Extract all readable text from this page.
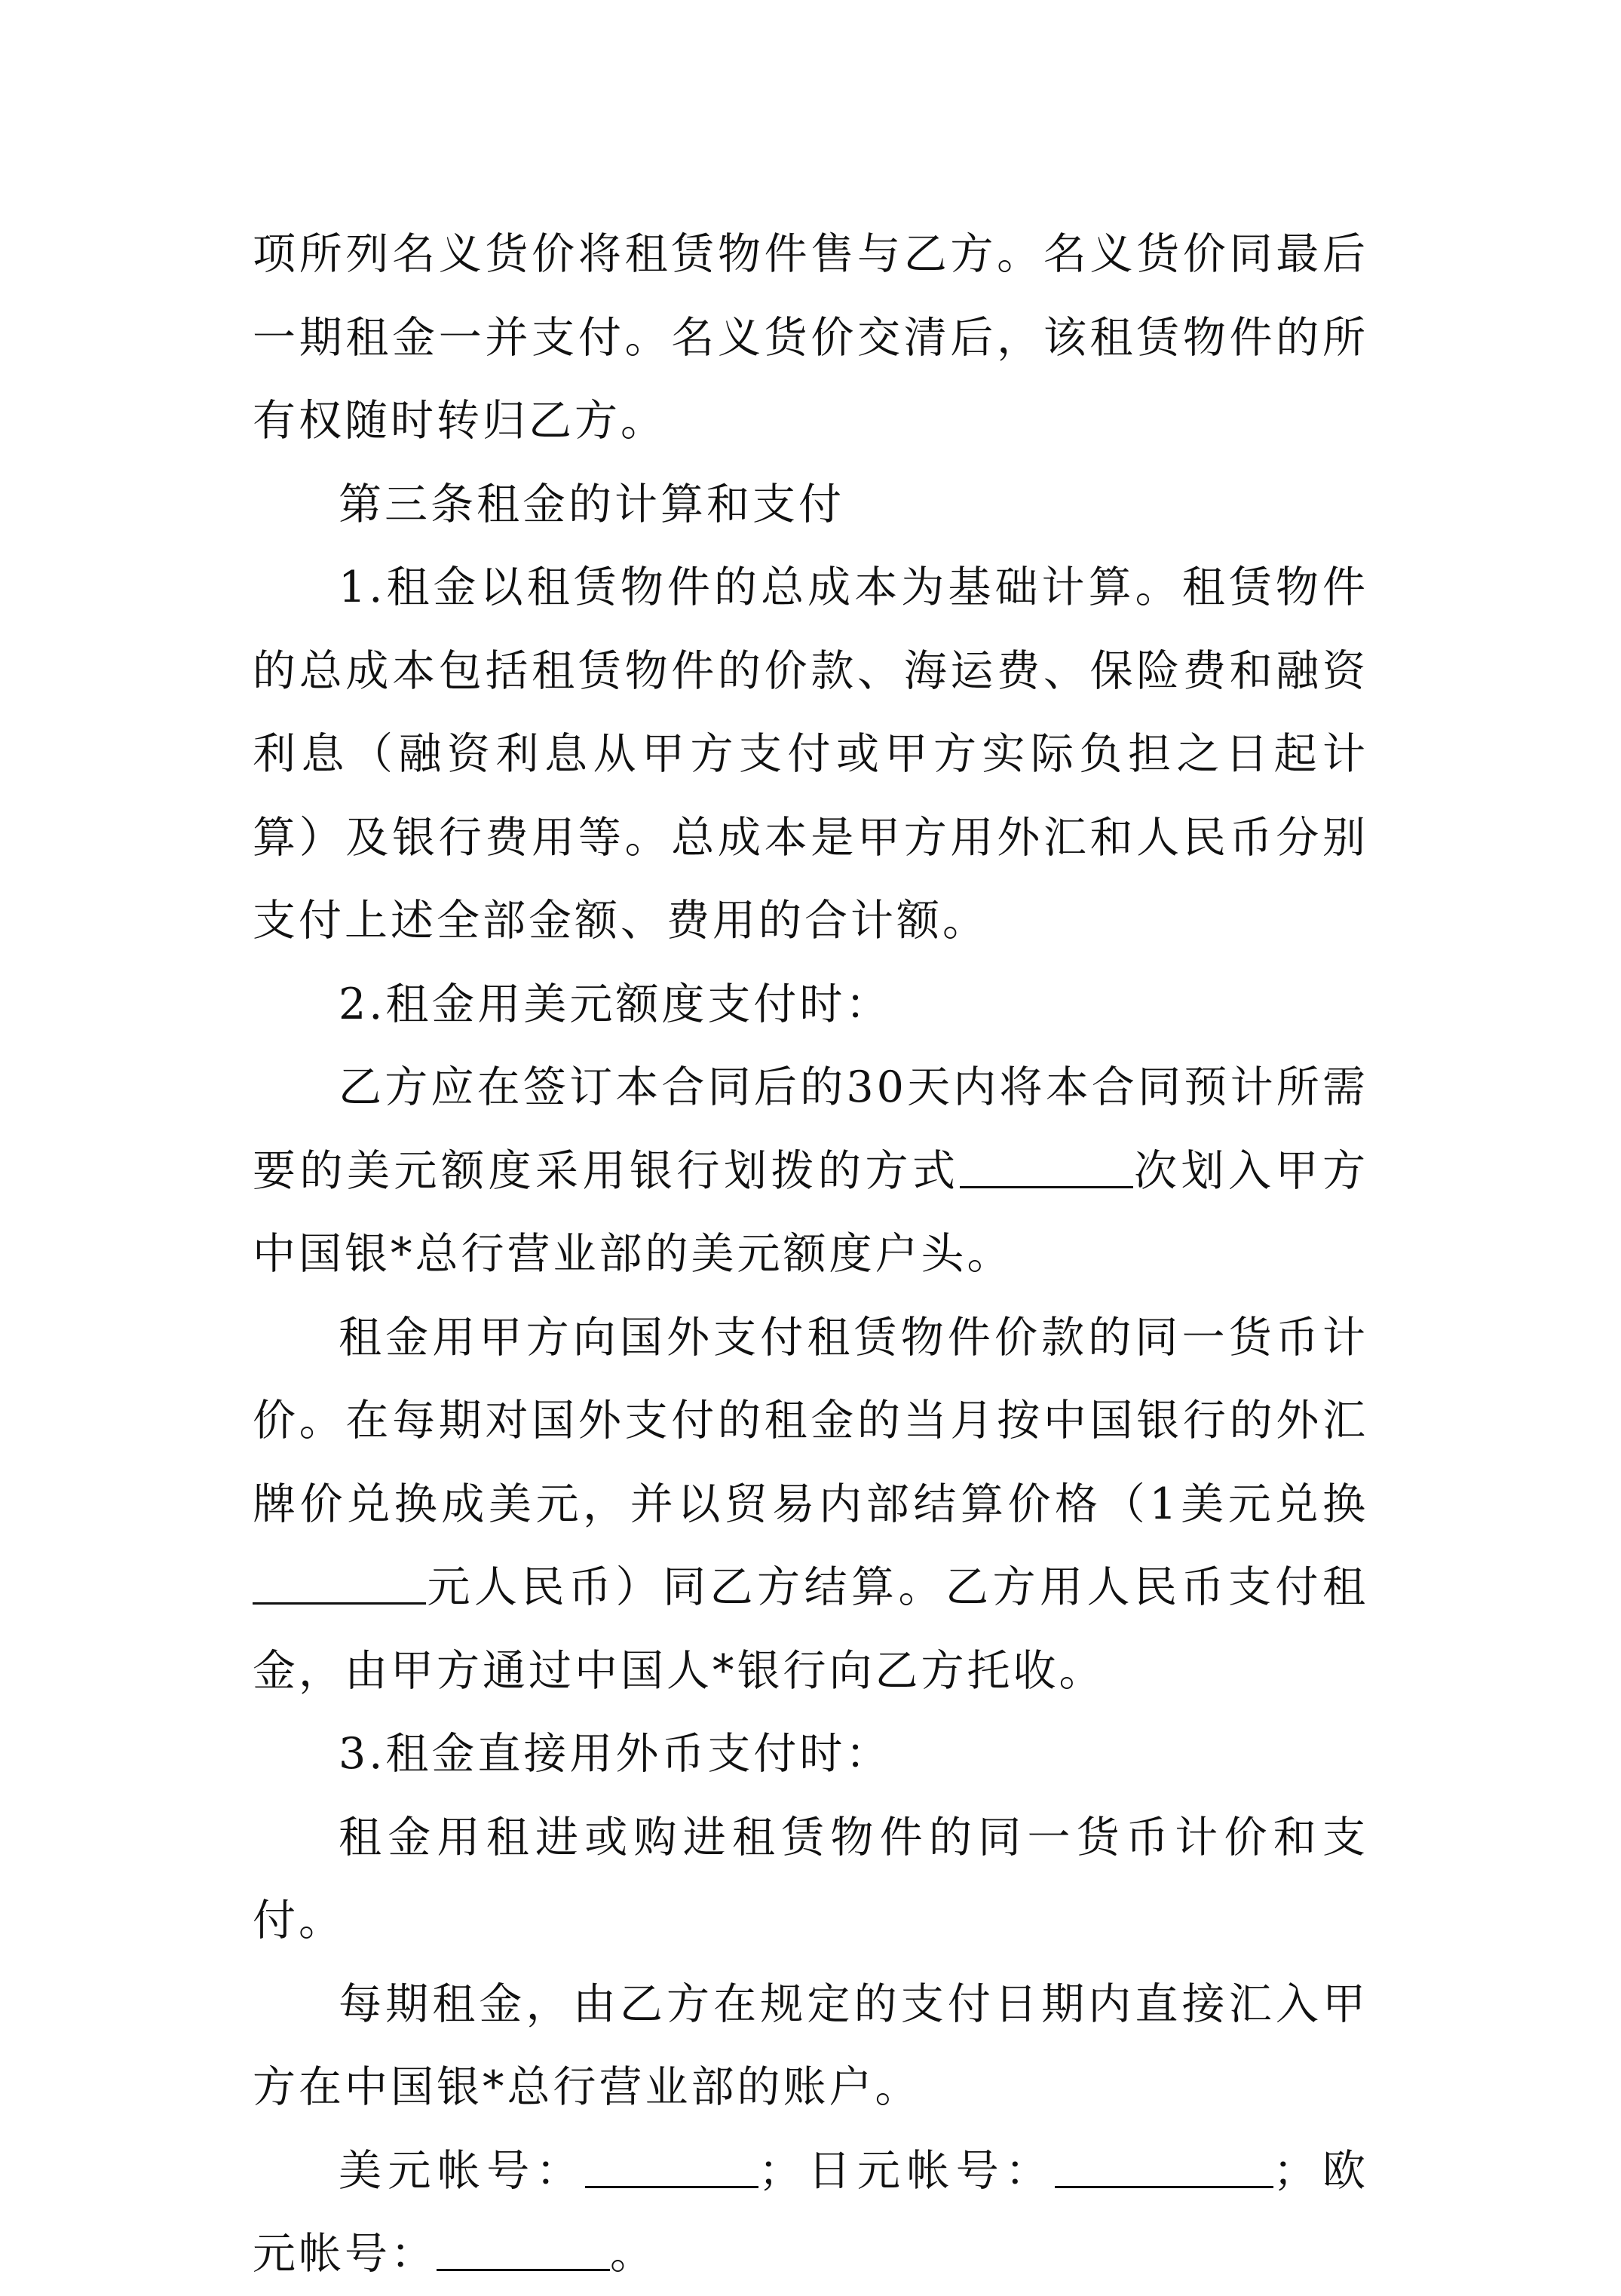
项所列名义货价将租赁物件售与乙方。名义货价同最后一期租金一并支付。名义货价交清后，该租赁物件的所有权随时转归乙方。

第三条租金的计算和支付

1.租金以租赁物件的总成本为基础计算。租赁物件的总成本包括租赁物件的价款、海运费、保险费和融资利息（融资利息从甲方支付或甲方实际负担之日起计算）及银行费用等。总成本是甲方用外汇和人民币分别支付上述全部金额、费用的合计额。

2.租金用美元额度支付时：

乙方应在签订本合同后的30天内将本合同预计所需要的美元额度采用银行划拨的方式	次划入甲方中国银*总行营业部的美元额度户头。

租金用甲方向国外支付租赁物件价款的同一货币计价。在每期对国外支付的租金的当月按中国银行的外汇牌价兑换成美元，并以贸易内部结算价格（1美元兑换元人民币）同乙方结算。乙方用人民币支付租金，由甲方通过中国人*银行向乙方托收。

3.租金直接用外币支付时：

租金用租进或购进租赁物件的同一货币计价和支付。

每期租金，由乙方在规定的支付日期内直接汇入甲方在中国银*总行营业部的账户。

美元帐号：	；日元帐号：	；欧元帐号：	。
